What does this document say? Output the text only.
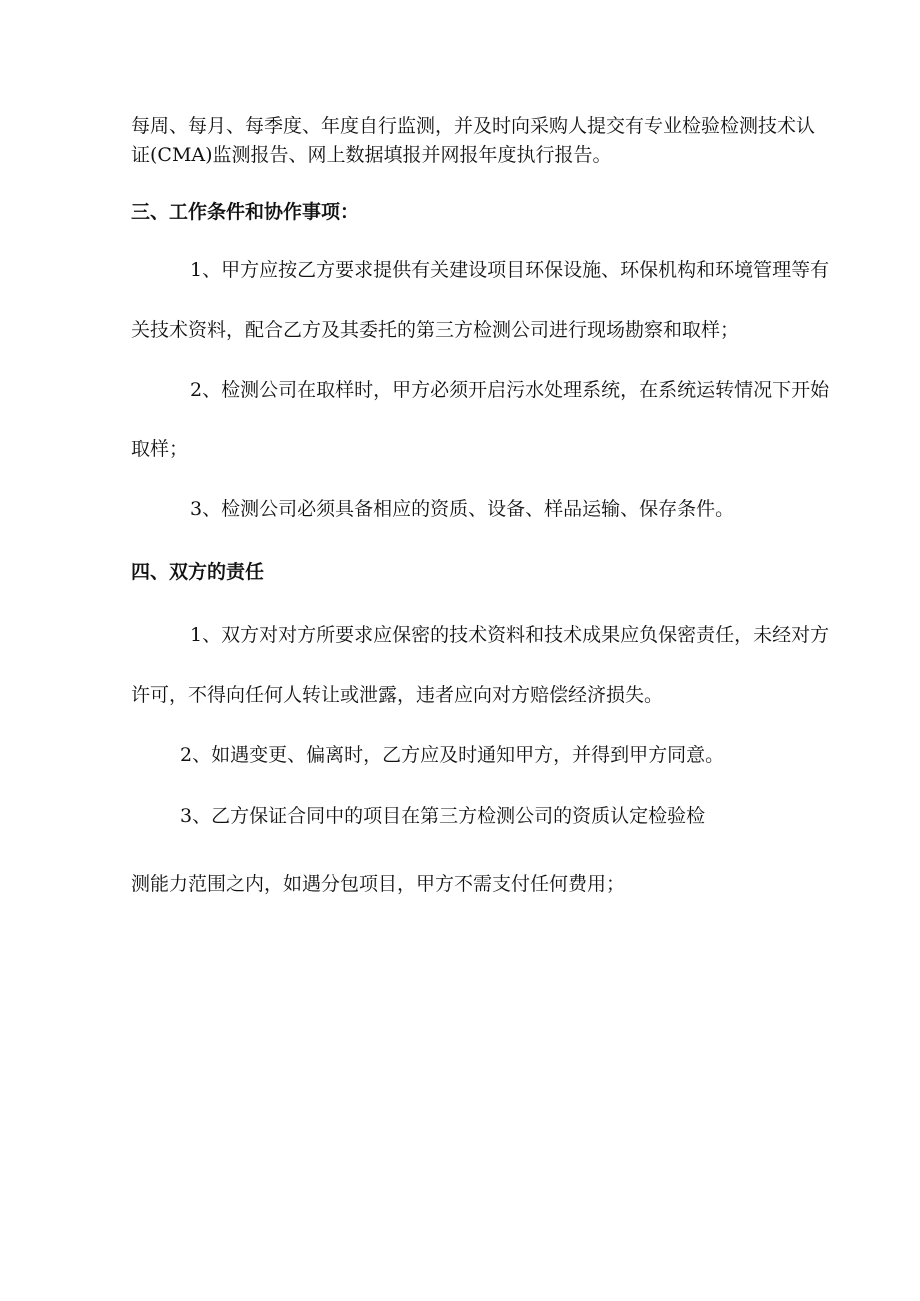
每周、每月、每季度、年度自行监测，并及时向采购人提交有专业检验检测技术认

证(CMA)监测报告、网上数据填报并网报年度执行报告。

三、工作条件和协作事项：

1、甲方应按乙方要求提供有关建设项目环保设施、环保机构和环境管理等有

关技术资料，配合乙方及其委托的第三方检测公司进行现场勘察和取样；

2、检测公司在取样时，甲方必须开启污水处理系统，在系统运转情况下开始

取样；

3、检测公司必须具备相应的资质、设备、样品运输、保存条件。

四、双方的责任

1、双方对对方所要求应保密的技术资料和技术成果应负保密责任，未经对方

许可，不得向任何人转让或泄露，违者应向对方赔偿经济损失。

2、如遇变更、偏离时，乙方应及时通知甲方，并得到甲方同意。

3、乙方保证合同中的项目在第三方检测公司的资质认定检验检

测能力范围之内，如遇分包项目，甲方不需支付任何费用；
